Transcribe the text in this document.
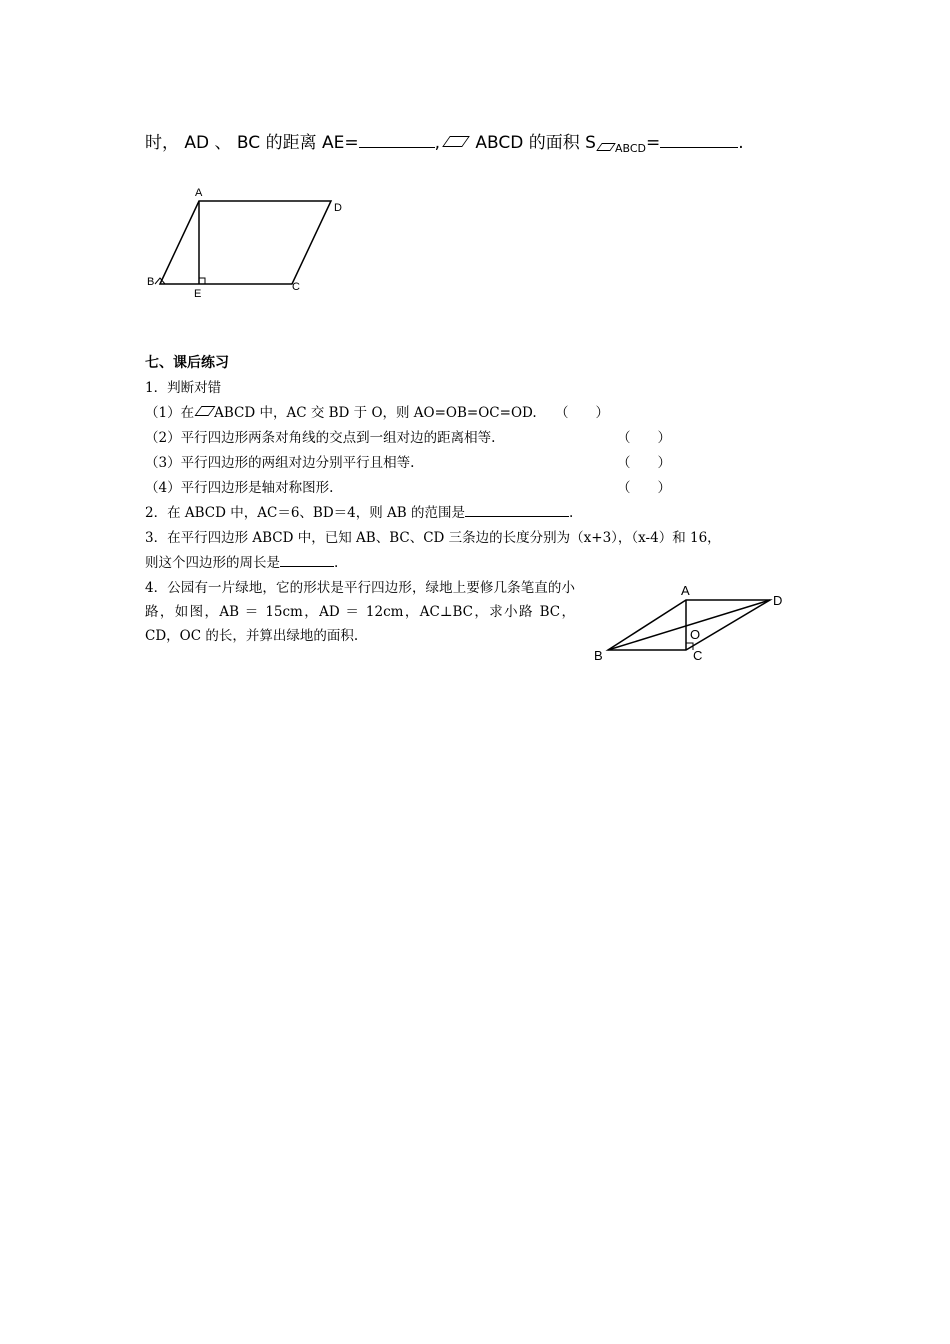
时， AD 、 BC 的距离 AE=	, ABCD 的面积 S $_{ABCD}$=	.
A
D
B
E
C
七、课后练习
1．判断对错
（1）在 ABCD 中，AC 交 BD 于 O，则 AO=OB=OC=OD. （　　）
（2）平行四边形两条对角线的交点到一组对边的距离相等.	（　　）
（3）平行四边形的两组对边分别平行且相等.	（　　）
（4）平行四边形是轴对称图形.	（　　）
2．在 ABCD 中，AC＝6、BD＝4，则 AB 的范围是	.
3．在平行四边形 ABCD 中，已知 AB、BC、CD 三条边的长度分别为（x+3），（x-4）和 16，
则这个四边形的周长是	.
4．公园有一片绿地，它的形状是平行四边形，绿地上要修几条笔直的小路，如图，AB ＝ 15cm，AD ＝ 12cm，AC⊥BC，求小路 BC，CD，OC 的长，并算出绿地的面积.
A
D
B
O
C
